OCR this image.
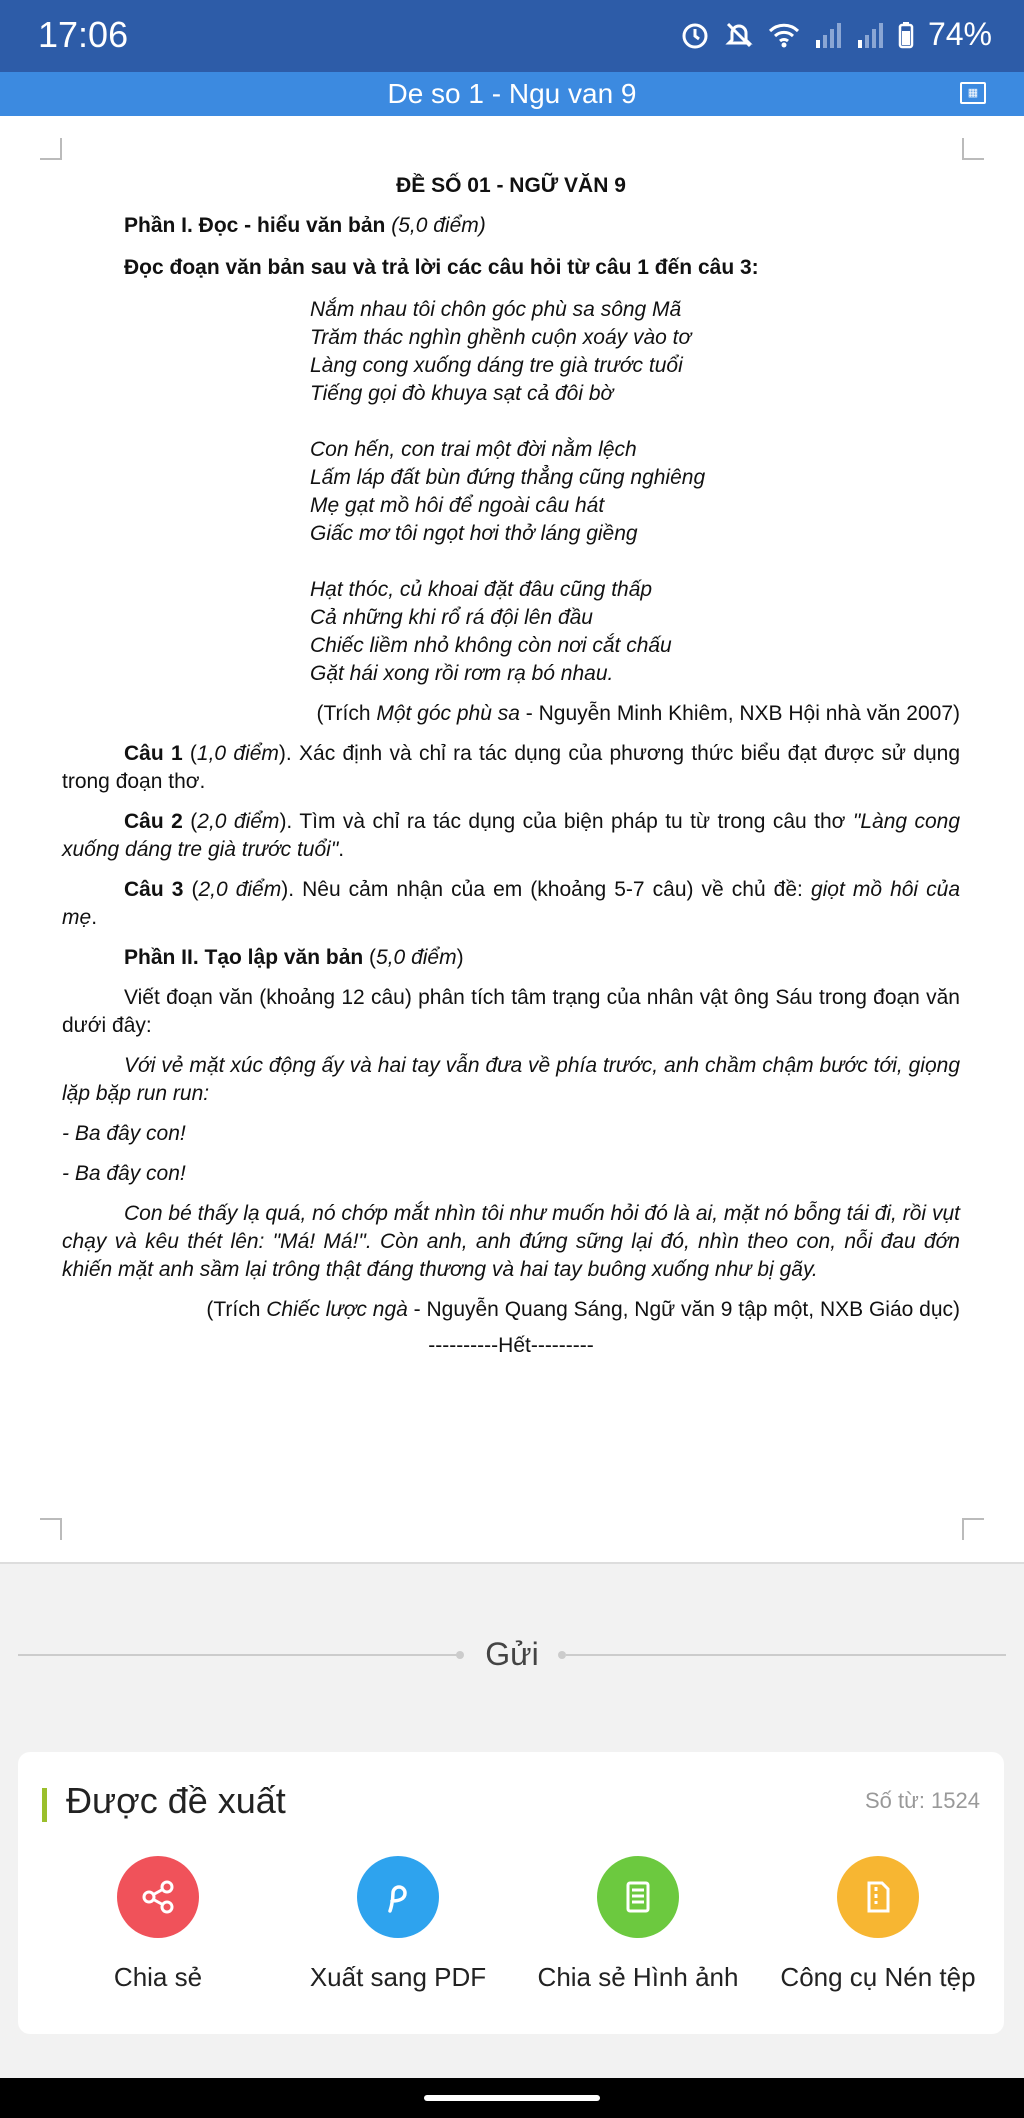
17:06	74%
De so 1 - Ngu van 9	▦

ĐỀ SỐ 01 - NGỮ VĂN 9

Phần I. Đọc - hiểu văn bản (5,0 điểm)

Đọc đoạn văn bản sau và trả lời các câu hỏi từ câu 1 đến câu 3:

Nắm nhau tôi chôn góc phù sa sông Mã

Trăm thác nghìn ghềnh cuộn xoáy vào tơ

Làng cong xuống dáng tre già trước tuổi

Tiếng gọi đò khuya sạt cả đôi bờ

Con hến, con trai một đời nằm lệch

Lấm láp đất bùn đứng thẳng cũng nghiêng

Mẹ gạt mồ hôi để ngoài câu hát

Giấc mơ tôi ngọt hơi thở láng giềng

Hạt thóc, củ khoai đặt đâu cũng thấp

Cả những khi rổ rá đội lên đầu

Chiếc liềm nhỏ không còn nơi cắt chấu

Gặt hái xong rồi rơm rạ bó nhau.

(Trích Một góc phù sa - Nguyễn Minh Khiêm, NXB Hội nhà văn 2007)

Câu 1 (1,0 điểm). Xác định và chỉ ra tác dụng của phương thức biểu đạt được sử dụng trong đoạn thơ.

Câu 2 (2,0 điểm). Tìm và chỉ ra tác dụng của biện pháp tu từ trong câu thơ "Làng cong xuống dáng tre già trước tuổi".

Câu 3 (2,0 điểm). Nêu cảm nhận của em (khoảng 5-7 câu) về chủ đề: giọt mồ hôi của mẹ.

Phần II. Tạo lập văn bản (5,0 điểm)

Viết đoạn văn (khoảng 12 câu) phân tích tâm trạng của nhân vật ông Sáu trong đoạn văn dưới đây:

Với vẻ mặt xúc động ấy và hai tay vẫn đưa về phía trước, anh chầm chậm bước tới, giọng lặp bặp run run:

- Ba đây con!

- Ba đây con!

Con bé thấy lạ quá, nó chớp mắt nhìn tôi như muốn hỏi đó là ai, mặt nó bỗng tái đi, rồi vụt chạy và kêu thét lên: "Má! Má!". Còn anh, anh đứng sững lại đó, nhìn theo con, nỗi đau đớn khiến mặt anh sầm lại trông thật đáng thương và hai tay buông xuống như bị gãy.

(Trích Chiếc lược ngà - Nguyễn Quang Sáng, Ngữ văn 9 tập một, NXB Giáo dục)

----------Hết---------

Gửi
Được đề xuất	Số từ: 1524
Chia sẻ	Xuất sang PDF	Chia sẻ Hình ảnh	Công cụ Nén tệp
